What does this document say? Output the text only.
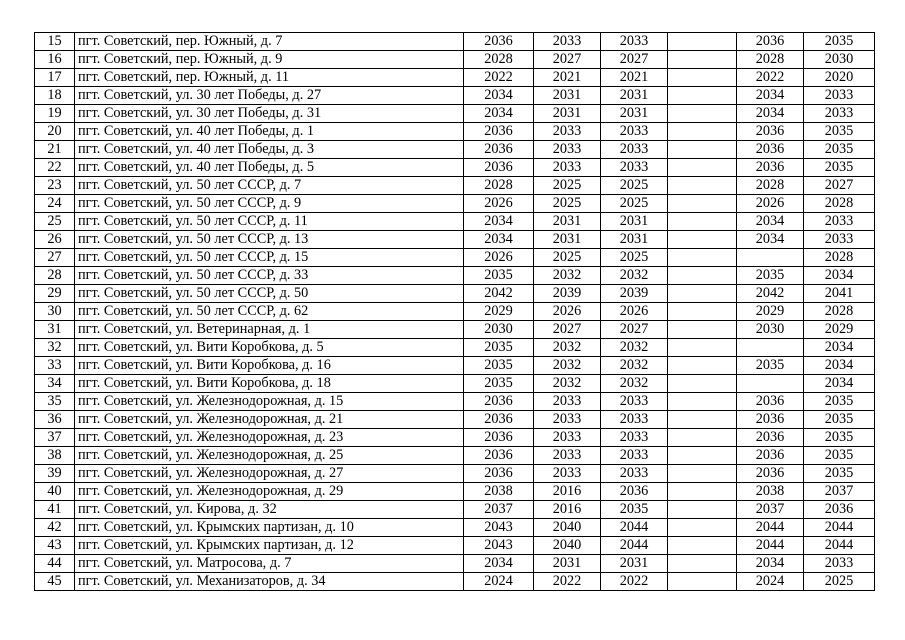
15	пгт. Советский, пер. Южный, д. 7	2036	2033	2033		2036	2035
16	пгт. Советский, пер. Южный, д. 9	2028	2027	2027		2028	2030
17	пгт. Советский, пер. Южный, д. 11	2022	2021	2021		2022	2020
18	пгт. Советский, ул. 30 лет Победы, д. 27	2034	2031	2031		2034	2033
19	пгт. Советский, ул. 30 лет Победы, д. 31	2034	2031	2031		2034	2033
20	пгт. Советский, ул. 40 лет Победы, д. 1	2036	2033	2033		2036	2035
21	пгт. Советский, ул. 40 лет Победы, д. 3	2036	2033	2033		2036	2035
22	пгт. Советский, ул. 40 лет Победы, д. 5	2036	2033	2033		2036	2035
23	пгт. Советский, ул. 50 лет СССР, д. 7	2028	2025	2025		2028	2027
24	пгт. Советский, ул. 50 лет СССР, д. 9	2026	2025	2025		2026	2028
25	пгт. Советский, ул. 50 лет СССР, д. 11	2034	2031	2031		2034	2033
26	пгт. Советский, ул. 50 лет СССР, д. 13	2034	2031	2031		2034	2033
27	пгт. Советский, ул. 50 лет СССР, д. 15	2026	2025	2025			2028
28	пгт. Советский, ул. 50 лет СССР, д. 33	2035	2032	2032		2035	2034
29	пгт. Советский, ул. 50 лет СССР, д. 50	2042	2039	2039		2042	2041
30	пгт. Советский, ул. 50 лет СССР, д. 62	2029	2026	2026		2029	2028
31	пгт. Советский, ул. Ветеринарная, д. 1	2030	2027	2027		2030	2029
32	пгт. Советский, ул. Вити Коробкова, д. 5	2035	2032	2032			2034
33	пгт. Советский, ул. Вити Коробкова, д. 16	2035	2032	2032		2035	2034
34	пгт. Советский, ул. Вити Коробкова, д. 18	2035	2032	2032			2034
35	пгт. Советский, ул. Железнодорожная, д. 15	2036	2033	2033		2036	2035
36	пгт. Советский, ул. Железнодорожная, д. 21	2036	2033	2033		2036	2035
37	пгт. Советский, ул. Железнодорожная, д. 23	2036	2033	2033		2036	2035
38	пгт. Советский, ул. Железнодорожная, д. 25	2036	2033	2033		2036	2035
39	пгт. Советский, ул. Железнодорожная, д. 27	2036	2033	2033		2036	2035
40	пгт. Советский, ул. Железнодорожная, д. 29	2038	2016	2036		2038	2037
41	пгт. Советский, ул. Кирова, д. 32	2037	2016	2035		2037	2036
42	пгт. Советский, ул. Крымских партизан, д. 10	2043	2040	2044		2044	2044
43	пгт. Советский, ул. Крымских партизан, д. 12	2043	2040	2044		2044	2044
44	пгт. Советский, ул. Матросова, д. 7	2034	2031	2031		2034	2033
45	пгт. Советский, ул. Механизаторов, д. 34	2024	2022	2022		2024	2025
